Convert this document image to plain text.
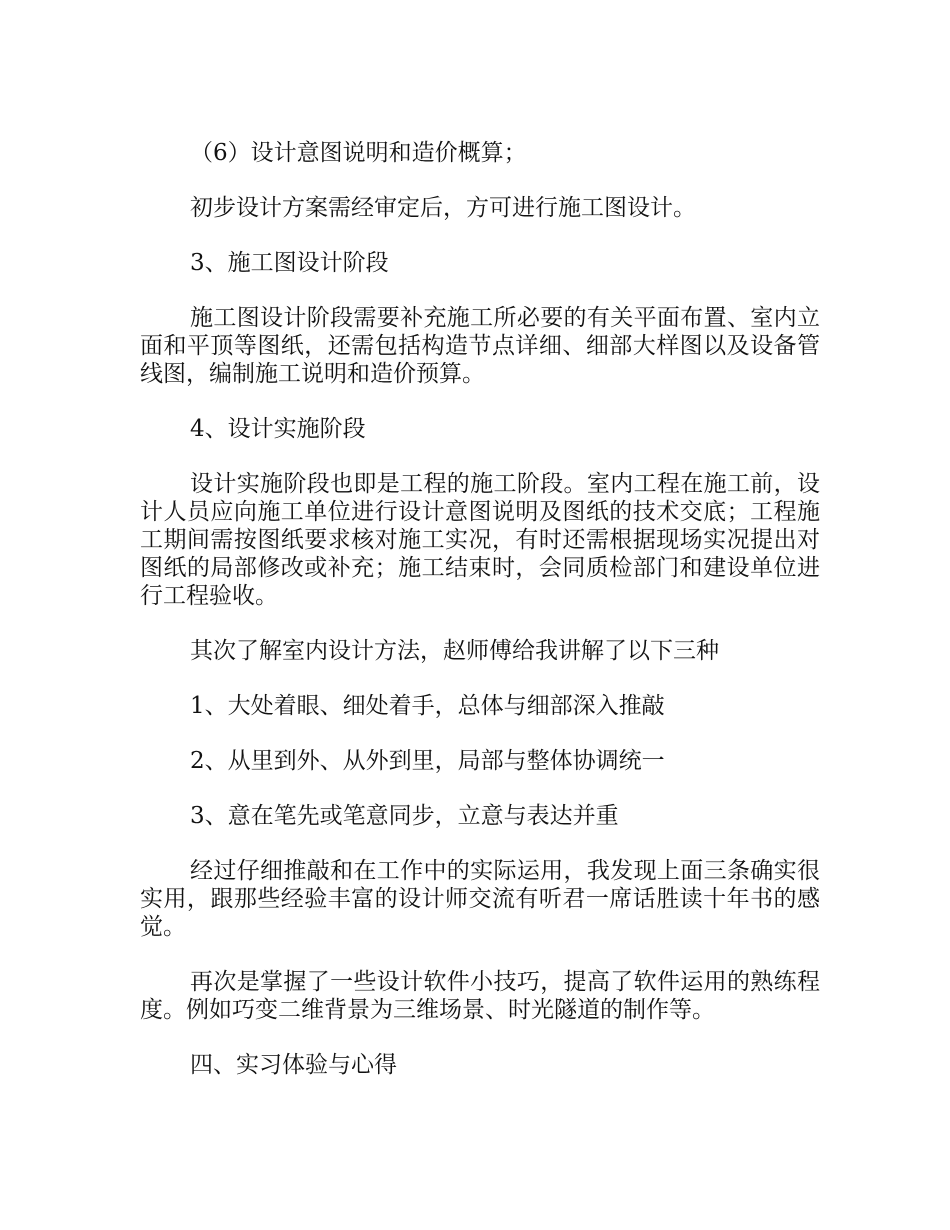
（6）设计意图说明和造价概算；

初步设计方案需经审定后，方可进行施工图设计。

3、施工图设计阶段

施工图设计阶段需要补充施工所必要的有关平面布置、室内立面和平顶等图纸，还需包括构造节点详细、细部大样图以及设备管线图，编制施工说明和造价预算。

4、设计实施阶段

设计实施阶段也即是工程的施工阶段。室内工程在施工前，设计人员应向施工单位进行设计意图说明及图纸的技术交底；工程施工期间需按图纸要求核对施工实况，有时还需根据现场实况提出对图纸的局部修改或补充；施工结束时，会同质检部门和建设单位进行工程验收。

其次了解室内设计方法，赵师傅给我讲解了以下三种

1、大处着眼、细处着手，总体与细部深入推敲

2、从里到外、从外到里，局部与整体协调统一

3、意在笔先或笔意同步，立意与表达并重

经过仔细推敲和在工作中的实际运用，我发现上面三条确实很实用，跟那些经验丰富的设计师交流有听君一席话胜读十年书的感觉。

再次是掌握了一些设计软件小技巧，提高了软件运用的熟练程度。例如巧变二维背景为三维场景、时光隧道的制作等。

四、实习体验与心得
